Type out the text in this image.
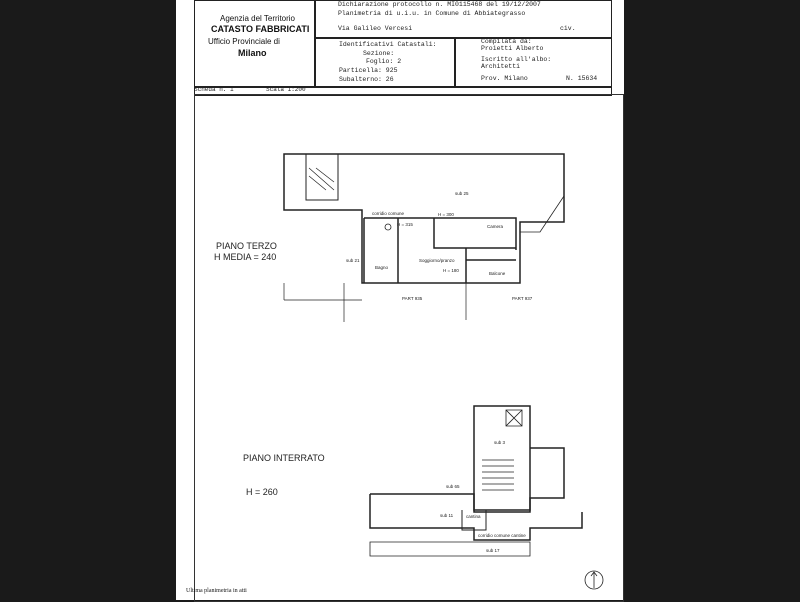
Agenzia del Territorio
CATASTO FABBRICATI
Ufficio Provinciale di
Milano
Dichiarazione protocollo n. MI0115468 del 19/12/2007
Planimetria di u.i.u. in Comune di Abbiategrasso
Via Galileo Vercesi	civ.
Identificativi Catastali:
Sezione:
Foglio: 2
Particella: 925
Subalterno: 26
Compilata da:
Proietti Alberto
Iscritto all'albo:
Architetti
Prov. Milano	N. 15634
Scheda n. 1	Scala 1:200
PIANO TERZO
H MEDIA = 240
PIANO INTERRATO
H = 260
sub 25
corridio comune	H = 300
H = 315	Camera
sub 21
Bagno
Soggiorno/pranzo
H = 180
Balcone
PART 935	PART 937
sub 3
sub 65
sub 11	cantina
corridio comune cantine
sub 17
Ultima planimetria in atti
